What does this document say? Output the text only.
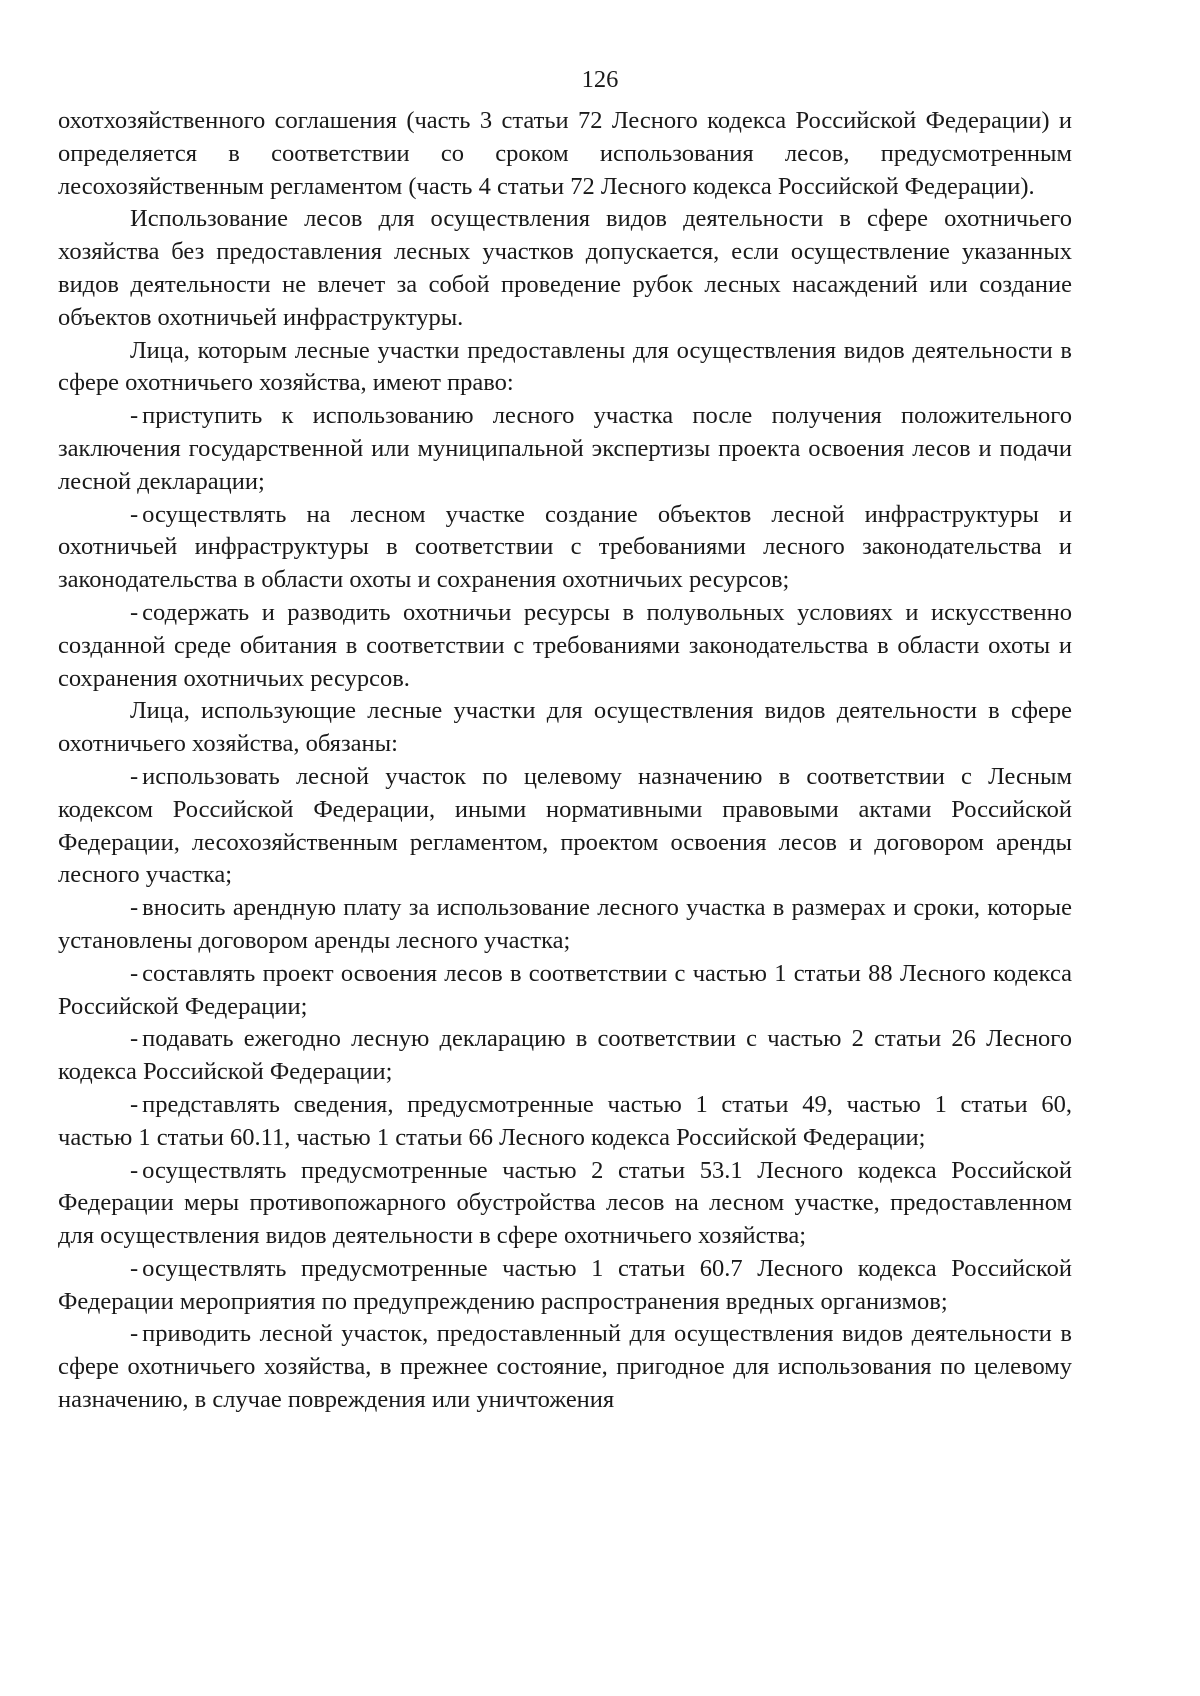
126

охотхозяйственного соглашения (часть 3 статьи 72 Лесного кодекса Российской Федерации) и определяется в соответствии со сроком использования лесов, предусмотренным лесохозяйственным регламентом (часть 4 статьи 72 Лесного кодекса Российской Федерации).

Использование лесов для осуществления видов деятельности в сфере охотничьего хозяйства без предоставления лесных участков допускается, если осуществление указанных видов деятельности не влечет за собой проведение рубок лесных насаждений или создание объектов охотничьей инфраструктуры.

Лица, которым лесные участки предоставлены для осуществления видов деятельности в сфере охотничьего хозяйства, имеют право:

- приступить к использованию лесного участка после получения положительного заключения государственной или муниципальной экспертизы проекта освоения лесов и подачи лесной декларации;

- осуществлять на лесном участке создание объектов лесной инфраструктуры и охотничьей инфраструктуры в соответствии с требованиями лесного законодательства и законодательства в области охоты и сохранения охотничьих ресурсов;

- содержать и разводить охотничьи ресурсы в полувольных условиях и искусственно созданной среде обитания в соответствии с требованиями законодательства в области охоты и сохранения охотничьих ресурсов.

Лица, использующие лесные участки для осуществления видов деятельности в сфере охотничьего хозяйства, обязаны:

- использовать лесной участок по целевому назначению в соответствии с Лесным кодексом Российской Федерации, иными нормативными правовыми актами Российской Федерации, лесохозяйственным регламентом, проектом освоения лесов и договором аренды лесного участка;

- вносить арендную плату за использование лесного участка в размерах и сроки, которые установлены договором аренды лесного участка;

- составлять проект освоения лесов в соответствии с частью 1 статьи 88 Лесного кодекса Российской Федерации;

- подавать ежегодно лесную декларацию в соответствии с частью 2 статьи 26 Лесного кодекса Российской Федерации;

- представлять сведения, предусмотренные частью 1 статьи 49, частью 1 статьи 60, частью 1 статьи 60.11, частью 1 статьи 66 Лесного кодекса Российской Федерации;

- осуществлять предусмотренные частью 2 статьи 53.1 Лесного кодекса Российской Федерации меры противопожарного обустройства лесов на лесном участке, предоставленном для осуществления видов деятельности в сфере охотничьего хозяйства;

- осуществлять предусмотренные частью 1 статьи 60.7 Лесного кодекса Российской Федерации мероприятия по предупреждению распространения вредных организмов;

- приводить лесной участок, предоставленный для осуществления видов деятельности в сфере охотничьего хозяйства, в прежнее состояние, пригодное для использования по целевому назначению, в случае повреждения или уничтожения
